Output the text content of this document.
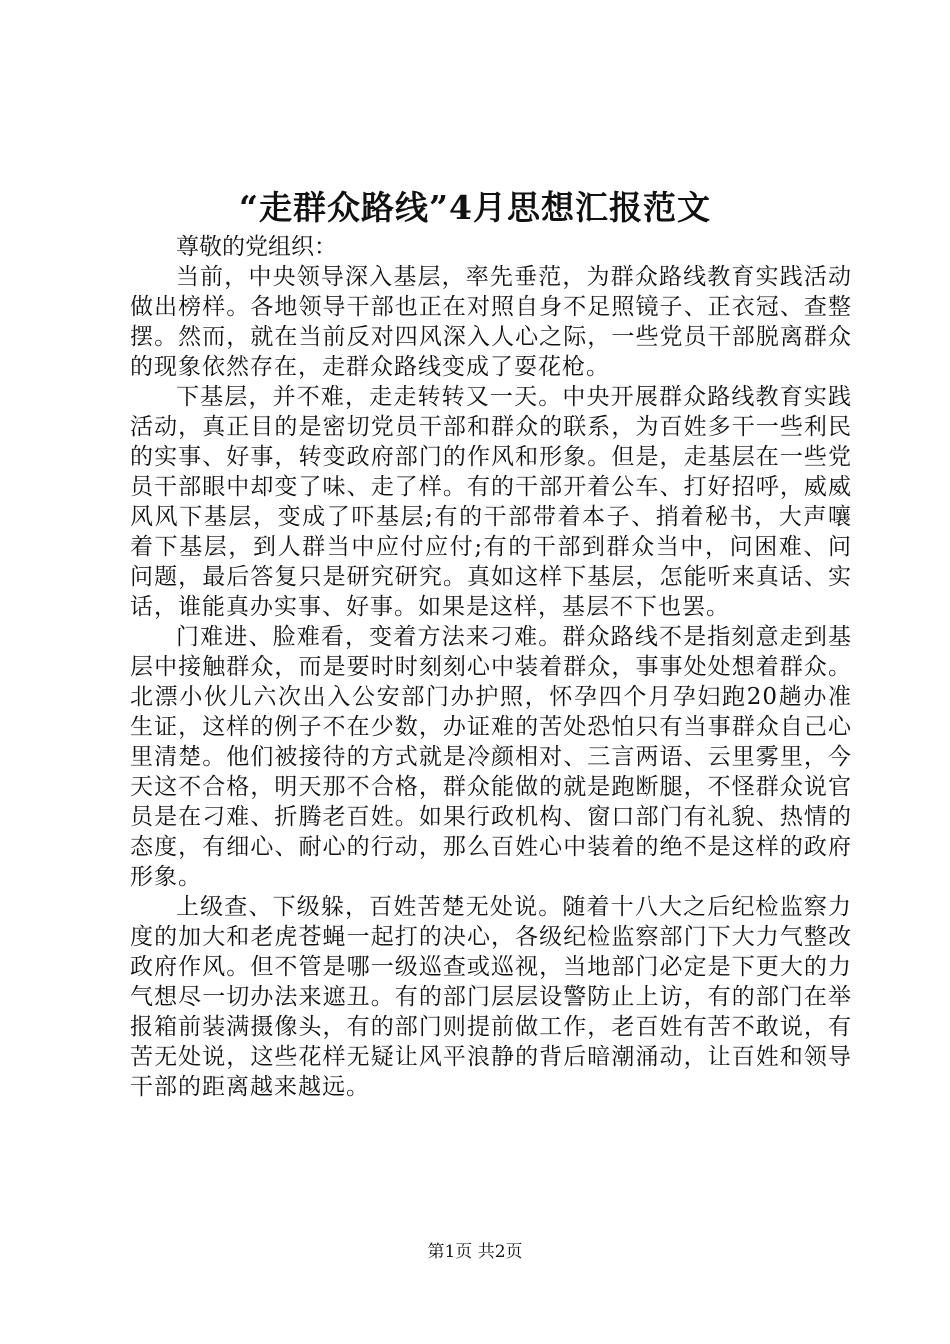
“走群众路线”4月思想汇报范文

尊敬的党组织：

当前，中央领导深入基层，率先垂范，为群众路线教育实践活动做出榜样。各地领导干部也正在对照自身不足照镜子、正衣冠、查整摆。然而，就在当前反对四风深入人心之际，一些党员干部脱离群众的现象依然存在，走群众路线变成了耍花枪。

下基层，并不难，走走转转又一天。中央开展群众路线教育实践活动，真正目的是密切党员干部和群众的联系，为百姓多干一些利民的实事、好事，转变政府部门的作风和形象。但是，走基层在一些党员干部眼中却变了味、走了样。有的干部开着公车、打好招呼，威威风风下基层，变成了吓基层;有的干部带着本子、捎着秘书，大声嚷着下基层，到人群当中应付应付;有的干部到群众当中，问困难、问问题，最后答复只是研究研究。真如这样下基层，怎能听来真话、实话，谁能真办实事、好事。如果是这样，基层不下也罢。

门难进、脸难看，变着方法来刁难。群众路线不是指刻意走到基层中接触群众，而是要时时刻刻心中装着群众，事事处处想着群众。北漂小伙儿六次出入公安部门办护照，怀孕四个月孕妇跑20趟办准生证，这样的例子不在少数，办证难的苦处恐怕只有当事群众自己心里清楚。他们被接待的方式就是冷颜相对、三言两语、云里雾里，今天这不合格，明天那不合格，群众能做的就是跑断腿，不怪群众说官员是在刁难、折腾老百姓。如果行政机构、窗口部门有礼貌、热情的态度，有细心、耐心的行动，那么百姓心中装着的绝不是这样的政府形象。

上级查、下级躲，百姓苦楚无处说。随着十八大之后纪检监察力度的加大和老虎苍蝇一起打的决心，各级纪检监察部门下大力气整改政府作风。但不管是哪一级巡查或巡视，当地部门必定是下更大的力气想尽一切办法来遮丑。有的部门层层设警防止上访，有的部门在举报箱前装满摄像头，有的部门则提前做工作，老百姓有苦不敢说，有苦无处说，这些花样无疑让风平浪静的背后暗潮涌动，让百姓和领导干部的距离越来越远。

第1页 共2页
